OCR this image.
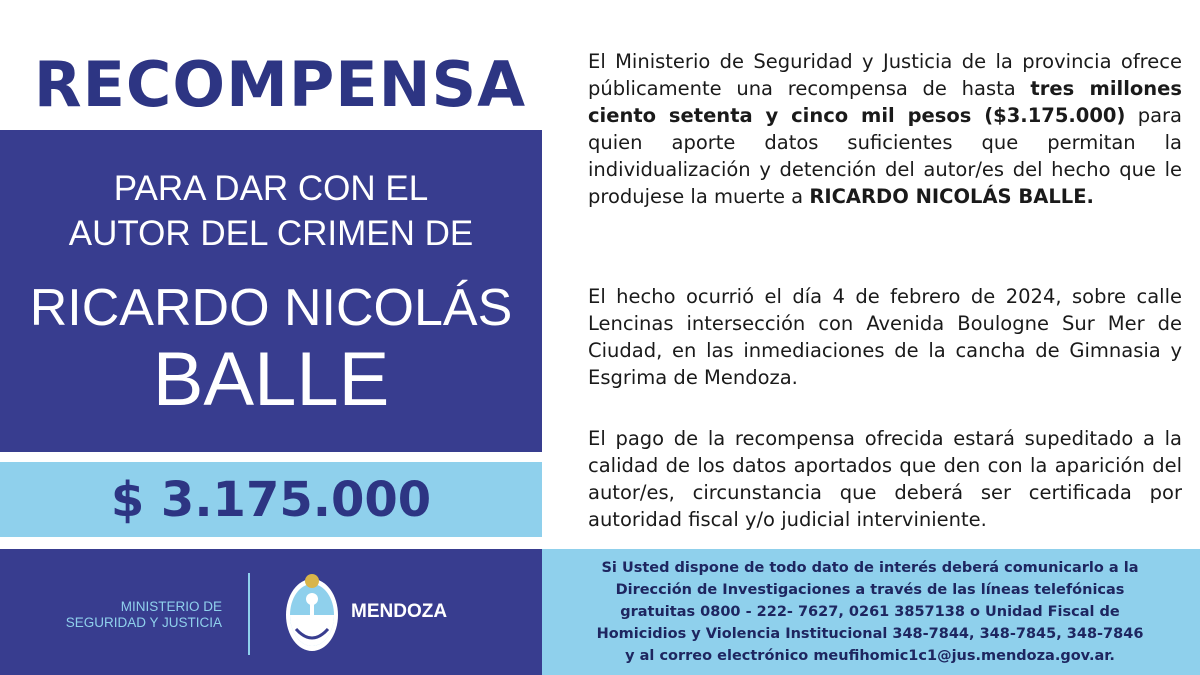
RECOMPENSA
PARA DAR CON EL
AUTOR DEL CRIMEN DE
RICARDO NICOLÁS
BALLE
$ 3.175.000
El Ministerio de Seguridad y Justicia de la provincia ofrece públicamente una recompensa de hasta tres millones ciento setenta y cinco mil pesos ($3.175.000) para quien aporte datos suficientes que permitan la individualización y detención del autor/es del hecho que le produjese la muerte a RICARDO NICOLÁS BALLE.
El hecho ocurrió el día 4 de febrero de 2024, sobre calle Lencinas intersección con Avenida Boulogne Sur Mer de Ciudad, en las inmediaciones de la cancha de Gimnasia y Esgrima de Mendoza.
El pago de la recompensa ofrecida estará supeditado a la calidad de los datos aportados que den con la aparición del autor/es, circunstancia que deberá ser certificada por autoridad fiscal y/o judicial interviniente.
MINISTERIO DE
SEGURIDAD Y JUSTICIA
MENDOZA
Si Usted dispone de todo dato de interés deberá comunicarlo a la
Dirección de Investigaciones a través de las líneas telefónicas
gratuitas 0800 - 222- 7627, 0261 3857138 o Unidad Fiscal de
Homicidios y Violencia Institucional 348-7844, 348-7845, 348-7846
y al correo electrónico meufihomic1c1@jus.mendoza.gov.ar.
